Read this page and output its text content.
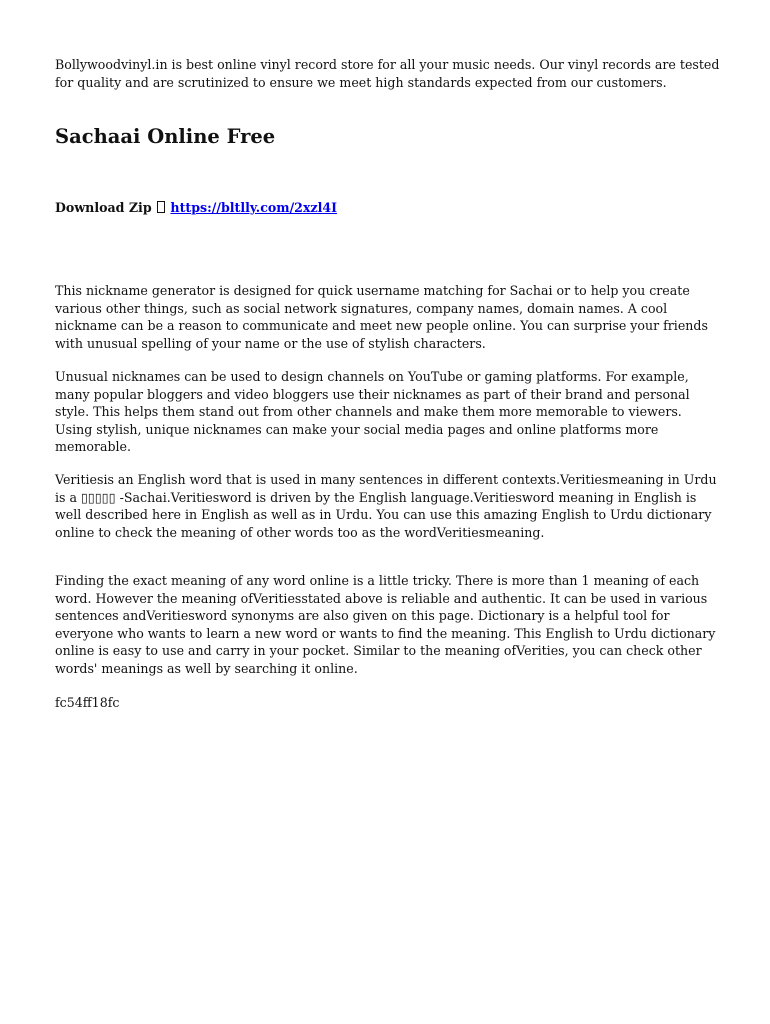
Bollywoodvinyl.in is best online vinyl record store for all your music needs. Our vinyl records are tested for quality and are scrutinized to ensure we meet high standards expected from our customers.

Sachaai Online Free
Download Zip https://bltlly.com/2xzl4I

This nickname generator is designed for quick username matching for Sachai or to help you create various other things, such as social network signatures, company names, domain names. A cool nickname can be a reason to communicate and meet new people online. You can surprise your friends with unusual spelling of your name or the use of stylish characters.

Unusual nicknames can be used to design channels on YouTube or gaming platforms. For example, many popular bloggers and video bloggers use their nicknames as part of their brand and personal style. This helps them stand out from other channels and make them more memorable to viewers. Using stylish, unique nicknames can make your social media pages and online platforms more memorable.

Veritiesis an English word that is used in many sentences in different contexts.Veritiesmeaning in Urdu is a ▯▯▯▯▯ -Sachai.Veritiesword is driven by the English language.Veritiesword meaning in English is well described here in English as well as in Urdu. You can use this amazing English to Urdu dictionary online to check the meaning of other words too as the wordVeritiesmeaning.

Finding the exact meaning of any word online is a little tricky. There is more than 1 meaning of each word. However the meaning ofVeritiesstated above is reliable and authentic. It can be used in various sentences andVeritiesword synonyms are also given on this page. Dictionary is a helpful tool for everyone who wants to learn a new word or wants to find the meaning. This English to Urdu dictionary online is easy to use and carry in your pocket. Similar to the meaning ofVerities, you can check other words' meanings as well by searching it online.

fc54ff18fc
